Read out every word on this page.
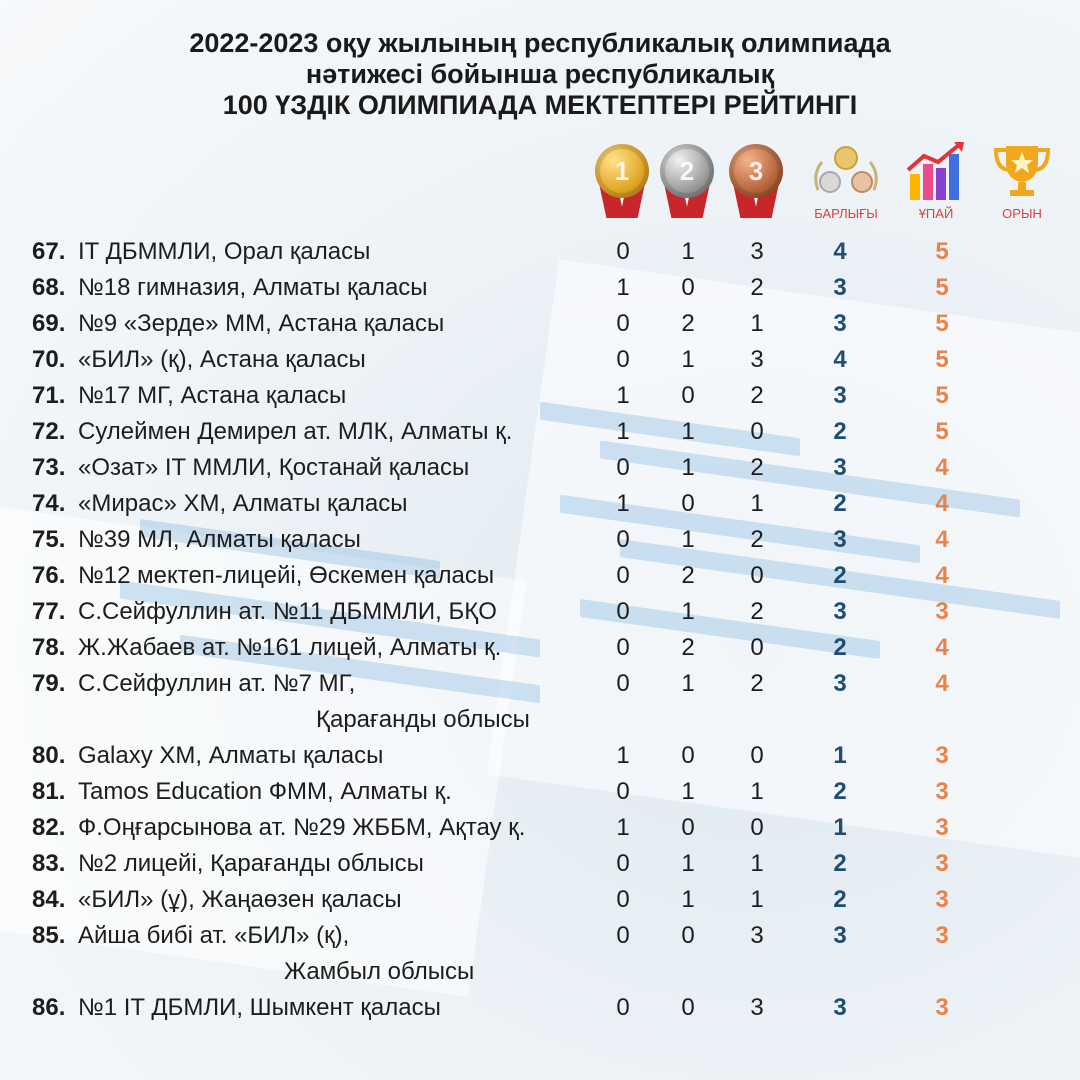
2022-2023 оқу жылының республикалық олимпиада
нәтижесі бойынша республикалық
100 ҮЗДІК ОЛИМПИАДА МЕКТЕПТЕРІ РЕЙТИНГІ
1	2	3
БАРЛЫҒЫ	ҰПАЙ	ОРЫН
67. IT ДБММЛИ, Орал қаласы	0	1	3	4	5
68. №18 гимназия, Алматы қаласы	1	0	2	3	5
69. №9 «Зерде» ММ, Астана қаласы	0	2	1	3	5
70. «БИЛ» (қ), Астана қаласы	0	1	3	4	5
71. №17 МГ, Астана қаласы	1	0	2	3	5
72. Сулеймен Демирел ат. МЛК, Алматы қ.	1	1	0	2	5
73. «Озат» IT ММЛИ, Қостанай қаласы	0	1	2	3	4
74. «Мирас» ХМ, Алматы қаласы	1	0	1	2	4
75. №39 МЛ, Алматы қаласы	0	1	2	3	4
76. №12 мектеп-лицейі, Өскемен қаласы	0	2	0	2	4
77. С.Сейфуллин ат. №11 ДБММЛИ, БҚО	0	1	2	3	3
78. Ж.Жабаев ат. №161 лицей, Алматы қ.	0	2	0	2	4
79. С.Сейфуллин ат. №7 МГ,	0	1	2	3	4
Қарағанды облысы
80. Galaxy ХМ, Алматы қаласы	1	0	0	1	3
81. Tamos Education ФММ, Алматы қ.	0	1	1	2	3
82. Ф.Оңғарсынова ат. №29 ЖББМ, Ақтау қ.	1	0	0	1	3
83. №2 лицейі, Қарағанды облысы	0	1	1	2	3
84. «БИЛ» (ұ), Жаңаөзен қаласы	0	1	1	2	3
85. Айша бибі ат. «БИЛ» (қ),	0	0	3	3	3
Жамбыл облысы
86. №1 IT ДБМЛИ, Шымкент қаласы	0	0	3	3	3
